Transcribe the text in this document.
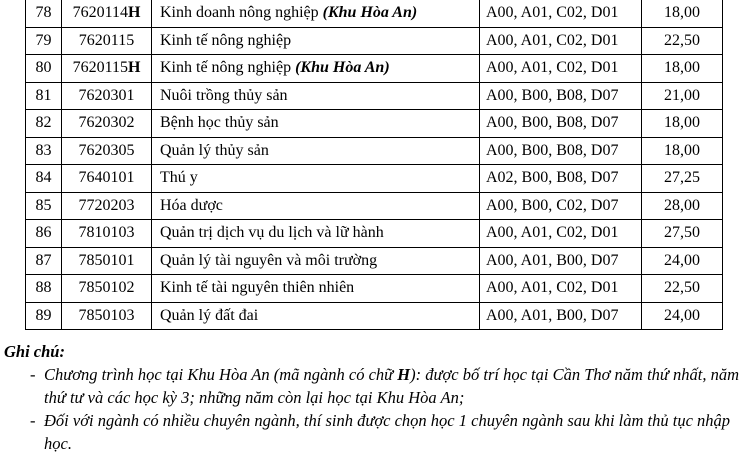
78	7620114H	Kinh doanh nông nghiệp (Khu Hòa An)	A00, A01, C02, D01	18,00
79	7620115	Kinh tế nông nghiệp	A00, A01, C02, D01	22,50
80	7620115H	Kinh tế nông nghiệp (Khu Hòa An)	A00, A01, C02, D01	18,00
81	7620301	Nuôi trồng thủy sản	A00, B00, B08, D07	21,00
82	7620302	Bệnh học thủy sản	A00, B00, B08, D07	18,00
83	7620305	Quản lý thủy sản	A00, B00, B08, D07	18,00
84	7640101	Thú y	A02, B00, B08, D07	27,25
85	7720203	Hóa dược	A00, B00, C02, D07	28,00
86	7810103	Quản trị dịch vụ du lịch và lữ hành	A00, A01, C02, D01	27,50
87	7850101	Quản lý tài nguyên và môi trường	A00, A01, B00, D07	24,00
88	7850102	Kinh tế tài nguyên thiên nhiên	A00, A01, C02, D01	22,50
89	7850103	Quản lý đất đai	A00, A01, B00, D07	24,00

Ghi chú:

- Chương trình học tại Khu Hòa An (mã ngành có chữ H): được bố trí học tại Cần Thơ năm thứ nhất, năm thứ tư và các học kỳ 3; những năm còn lại học tại Khu Hòa An;

- Đối với ngành có nhiều chuyên ngành, thí sinh được chọn học 1 chuyên ngành sau khi làm thủ tục nhập học.
